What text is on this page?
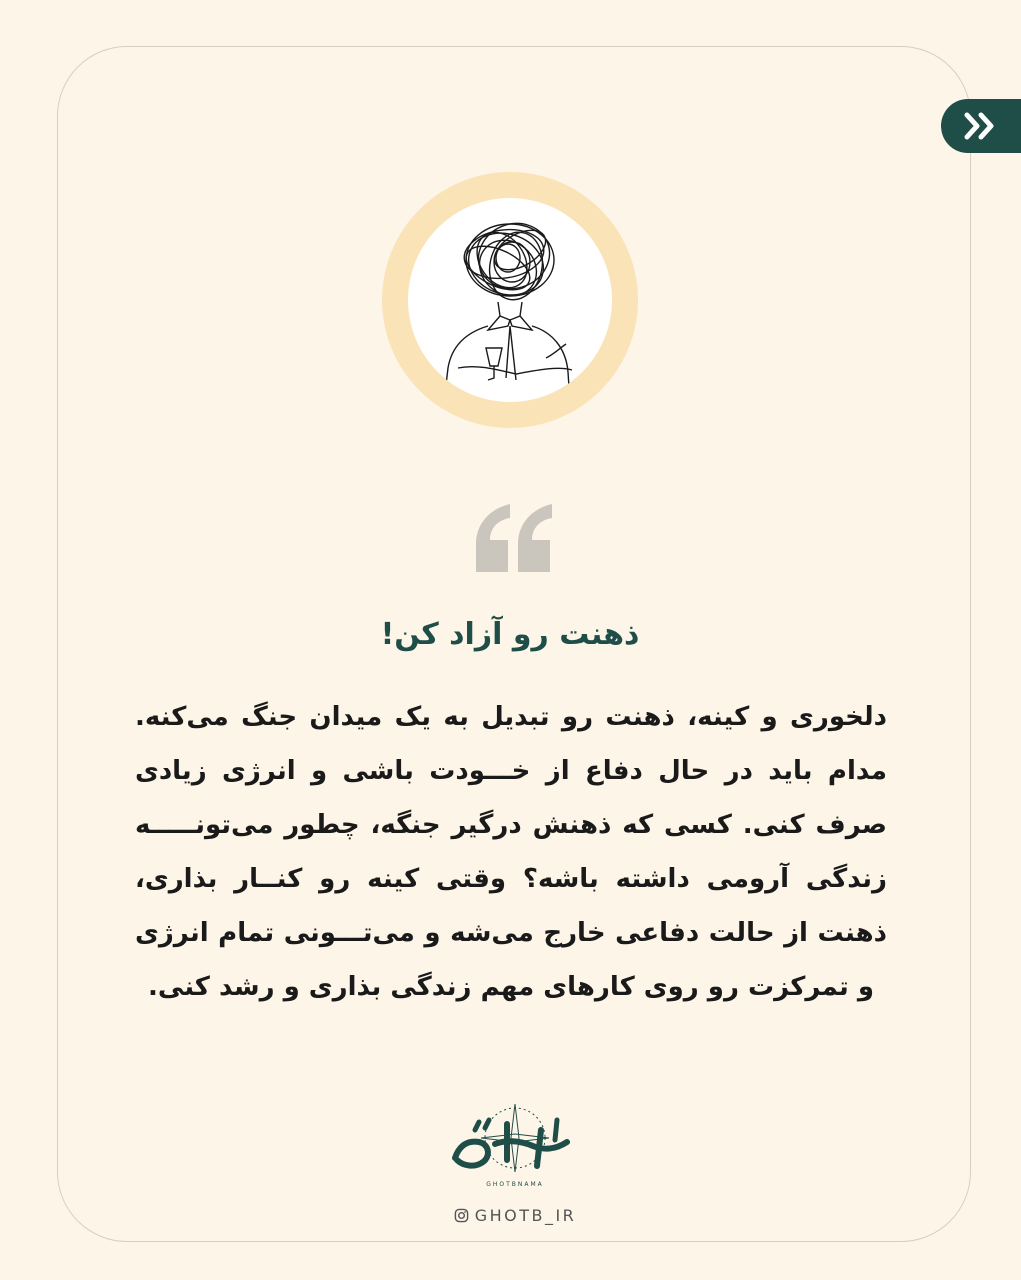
ذهنت رو آزاد کن!
دلخوری و کینه، ذهنت رو تبدیل به یک میدان جنگ می‌کنه. مدام باید در حال دفاع از خـــودت باشی و انرژی زیادی صرف کنی. کسی که ذهنش درگیر جنگه، چطور می‌تونـــــه زندگی آرومی داشته باشه؟ وقتی کینه رو کنــار بذاری، ذهنت از حالت دفاعی خارج می‌شه و می‌تـــونی تمام انرژی و تمرکزت رو روی کارهای مهم زندگی بذاری و رشد کنی.
GHOTBNAMA
GHOTB_IR
